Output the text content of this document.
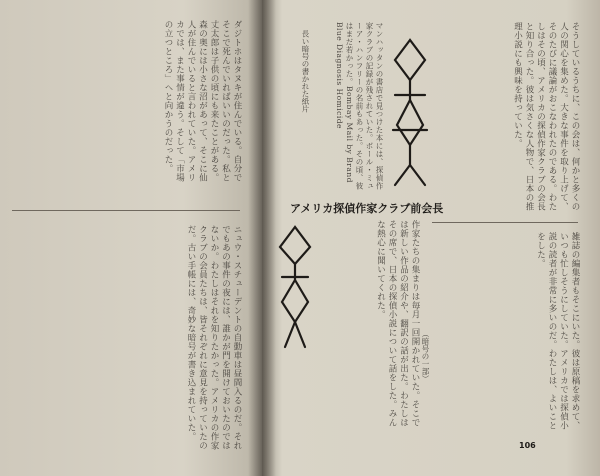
ダジトホはタヌキが住んでいる。自分でそこで死んでいればいいのだった。私と丈太郎は子供の頃にも来たことがある。森の奥には小さな沼があって、そこに仙人が住んでいると言われていた。アメリカでは、また事情が違う。そして「市場の立つところ」へと向かうのだった。
ニュウ・スチューデントの自動車は昼間入るのだ。それでもあの事件の夜には、誰かが門を開けておいたのではないか。わたしはそれを知りたかった。アメリカの作家クラブの会員たちは、皆それぞれに意見を持っていたのだ。古い手帳には、奇妙な暗号が書き込まれていた。
マンハッタンの書店で見つけた本には、探偵作家クラブの記録が残されていた。ボール・ミューア・ハンフリーの名前もあった。その頃、彼はまだ若かった。Bombay Mail by Brand Blue Diagnosis Homicide	そうしているうちに、この会は、何かと多くの人の関心を集めた。大きな事件を取り上げて、そのたびに議論がおこなわれたのである。わたしはその頃、アメリカの探偵作家クラブの会長と知り合った。彼は気さくな人物で、日本の推理小説にも興味を持っていた。
作家たちの集まりは毎月一回開かれていた。そこでは新しい作品の紹介や、翻訳の話が出た。わたしはその席で、日本の探偵小説について話をした。みんな熱心に聞いてくれた。	雑誌の編集者もそこにいた。彼は原稿を求めて、いつも忙しそうにしていた。アメリカでは探偵小説の読者が非常に多いのだ。わたしは、よいことをした。
アメリカ探偵作家クラブ前会長
長い暗号の書かれた紙片
（暗号の一部）
106
